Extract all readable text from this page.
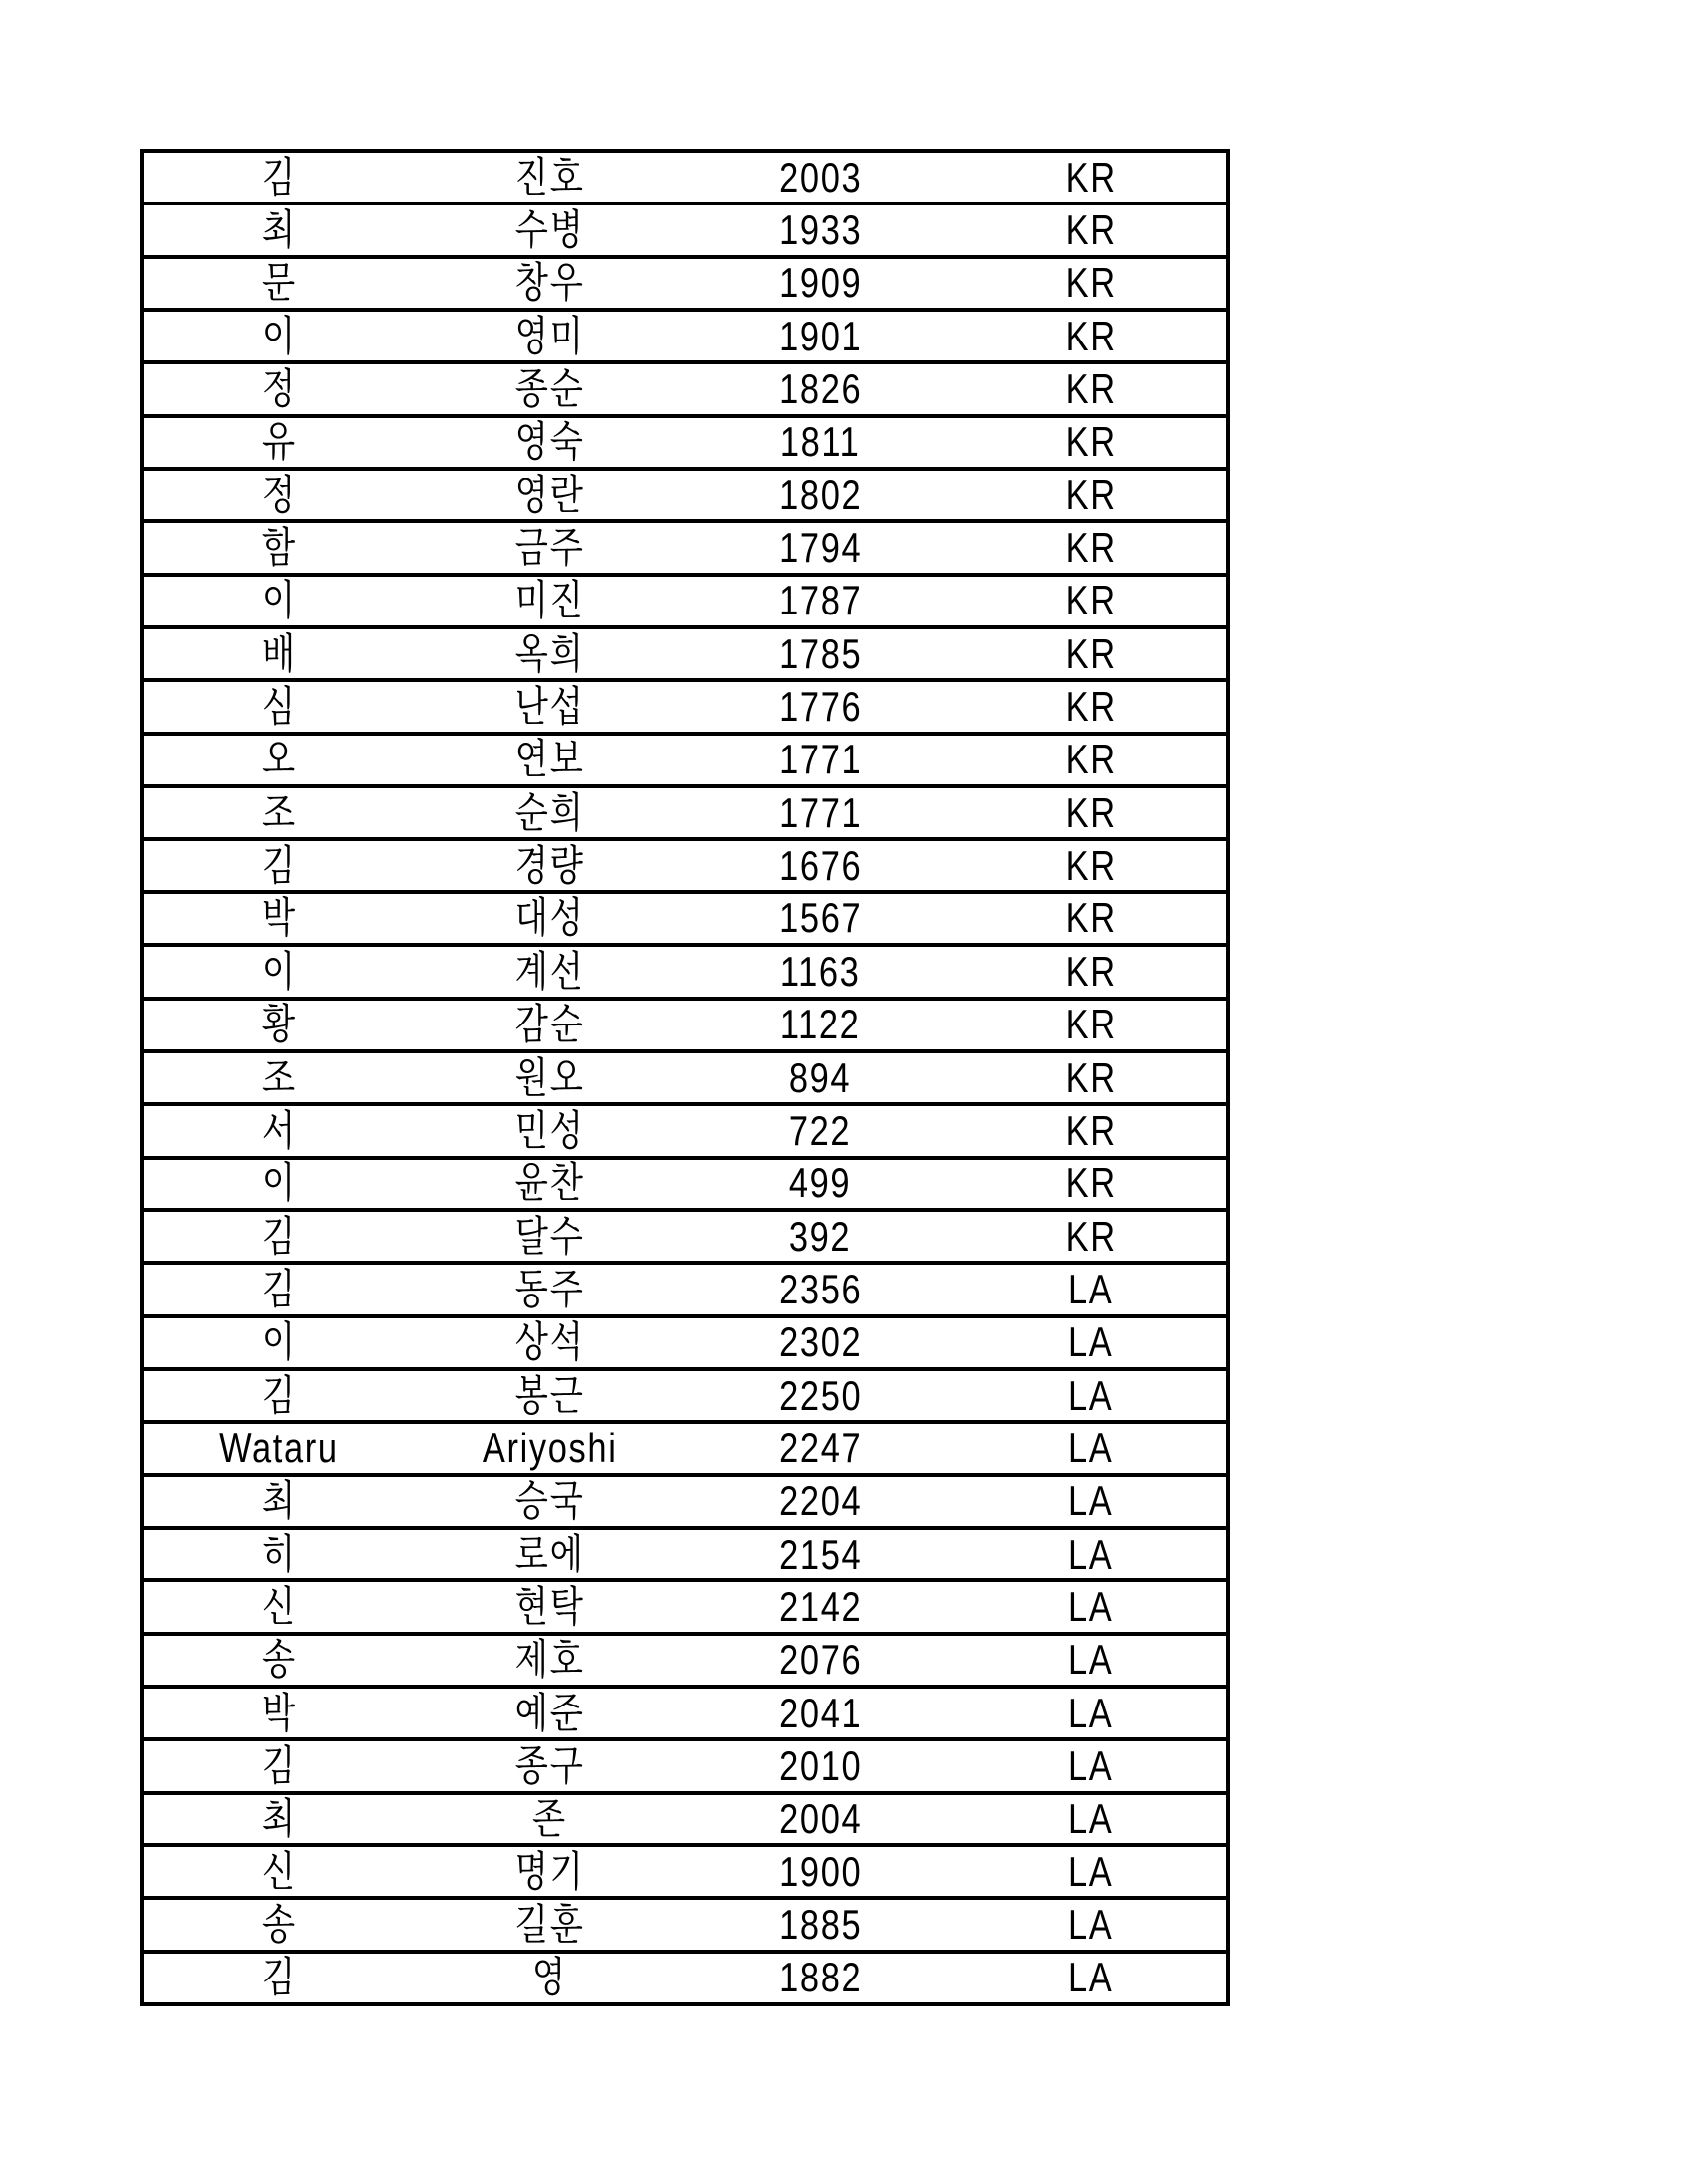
김	진호	2003	KR
최	수병	1933	KR
문	창우	1909	KR
이	영미	1901	KR
정	종순	1826	KR
유	영숙	1811	KR
정	영란	1802	KR
함	금주	1794	KR
이	미진	1787	KR
배	옥희	1785	KR
심	난섭	1776	KR
오	연보	1771	KR
조	순희	1771	KR
김	경량	1676	KR
박	대성	1567	KR
이	계선	1163	KR
황	감순	1122	KR
조	원오	894	KR
서	민성	722	KR
이	윤찬	499	KR
김	달수	392	KR
김	동주	2356	LA
이	상석	2302	LA
김	봉근	2250	LA
Wataru	Ariyoshi	2247	LA
최	승국	2204	LA
히	로에	2154	LA
신	현탁	2142	LA
송	제호	2076	LA
박	예준	2041	LA
김	종구	2010	LA
최	존	2004	LA
신	명기	1900	LA
송	길훈	1885	LA
김	영	1882	LA
